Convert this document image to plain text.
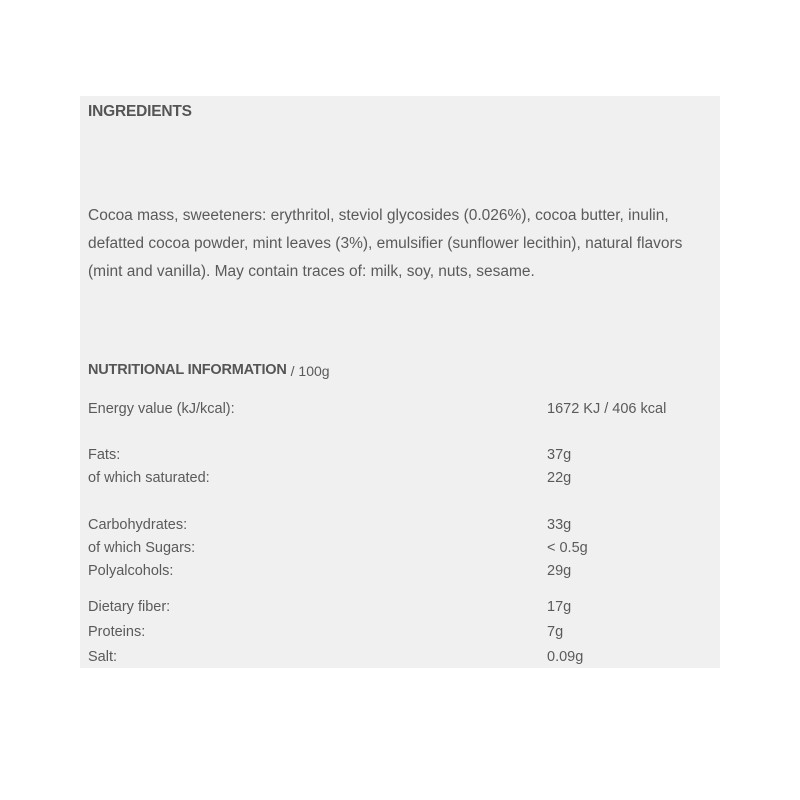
INGREDIENTS

Cocoa mass, sweeteners: erythritol, steviol glycosides (0.026%), cocoa butter, inulin, defatted cocoa powder, mint leaves (3%), emulsifier (sunflower lecithin), natural flavors (mint and vanilla). May contain traces of: milk, soy, nuts, sesame.

NUTRITIONAL INFORMATION / 100g
Energy value (kJ/kcal):	1672 KJ / 406 kcal
Fats:	37g
of which saturated:	22g
Carbohydrates:	33g
of which Sugars:	< 0.5g
Polyalcohols:	29g
Dietary fiber:	17g
Proteins:	7g
Salt:	0.09g
